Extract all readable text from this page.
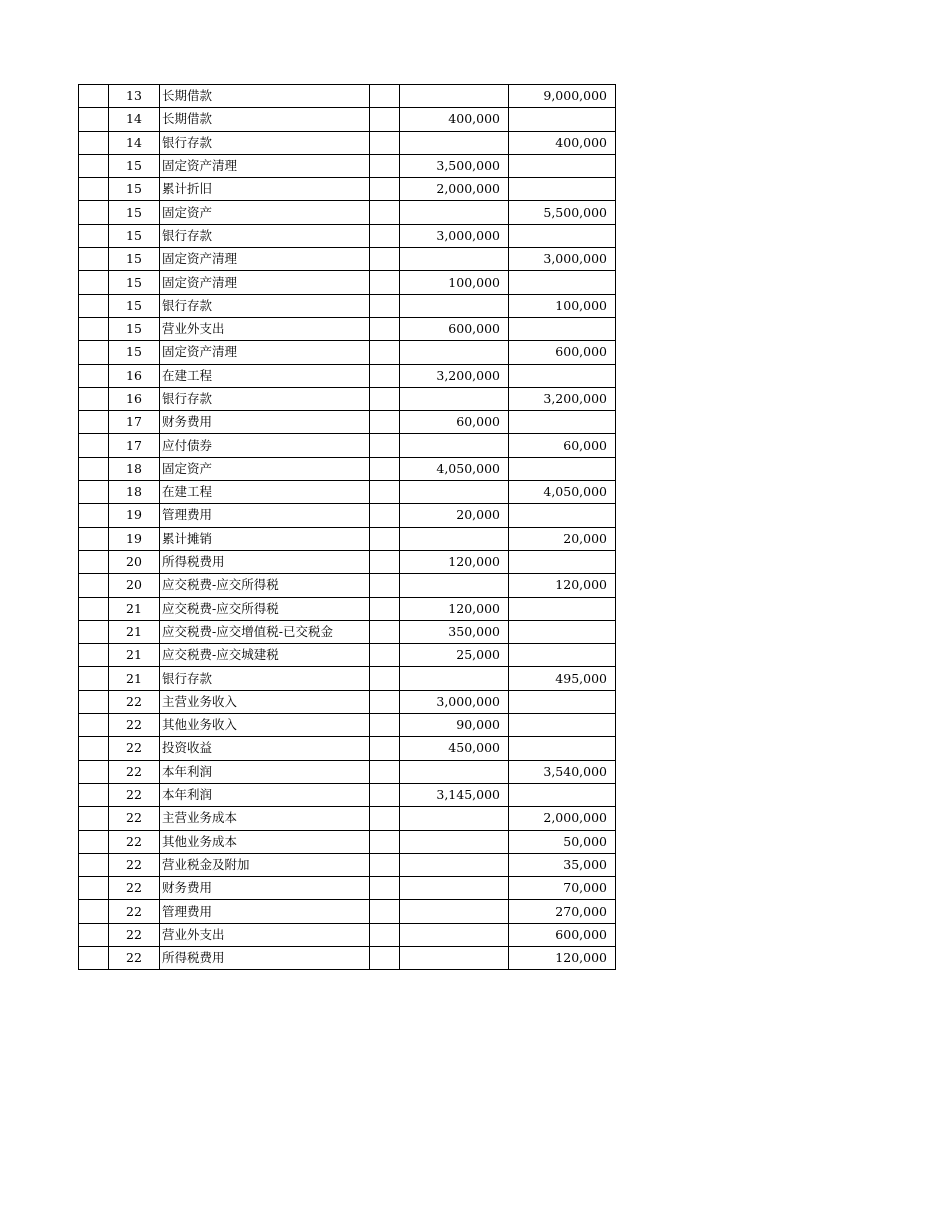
	13	长期借款			9,000,000
	14	长期借款		400,000	
	14	银行存款			400,000
	15	固定资产清理		3,500,000	
	15	累计折旧		2,000,000	
	15	固定资产			5,500,000
	15	银行存款		3,000,000	
	15	固定资产清理			3,000,000
	15	固定资产清理		100,000	
	15	银行存款			100,000
	15	营业外支出		600,000	
	15	固定资产清理			600,000
	16	在建工程		3,200,000	
	16	银行存款			3,200,000
	17	财务费用		60,000	
	17	应付债券			60,000
	18	固定资产		4,050,000	
	18	在建工程			4,050,000
	19	管理费用		20,000	
	19	累计摊销			20,000
	20	所得税费用		120,000	
	20	应交税费-应交所得税			120,000
	21	应交税费-应交所得税		120,000	
	21	应交税费-应交增值税-已交税金		350,000	
	21	应交税费-应交城建税		25,000	
	21	银行存款			495,000
	22	主营业务收入		3,000,000	
	22	其他业务收入		90,000	
	22	投资收益		450,000	
	22	本年利润			3,540,000
	22	本年利润		3,145,000	
	22	主营业务成本			2,000,000
	22	其他业务成本			50,000
	22	营业税金及附加			35,000
	22	财务费用			70,000
	22	管理费用			270,000
	22	营业外支出			600,000
	22	所得税费用			120,000
